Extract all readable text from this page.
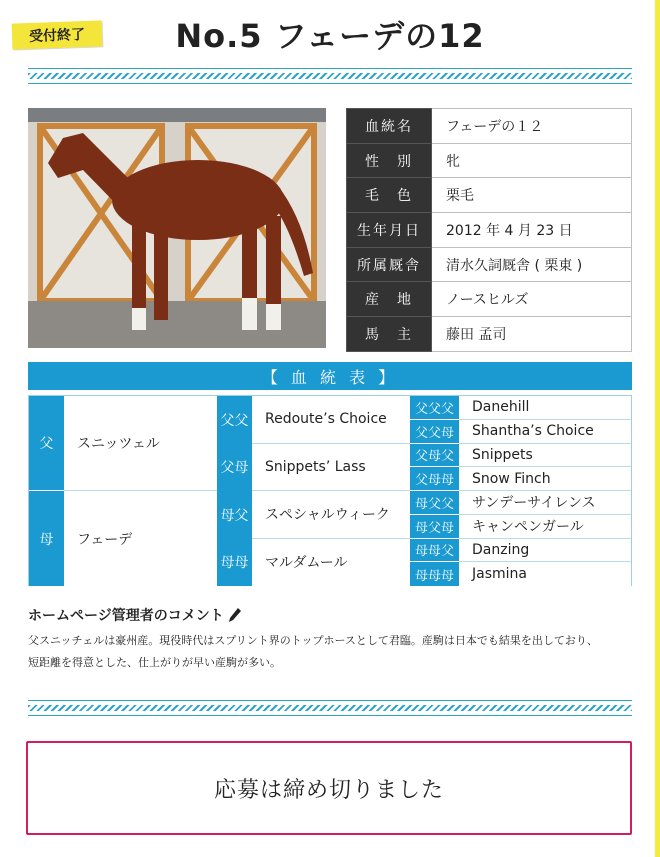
受付終了	No.5 フェーデの12
血統名	フェーデの１２
性　別	牝
毛　色	栗毛
生年月日	2012 年 4 月 23 日
所属厩舎	清水久詞厩舎 ( 栗東 )
産　地	ノースヒルズ
馬　主	藤田 孟司
【 血 統 表 】
父	スニッツェル
母	フェーデ
父父	Redoute’s Choice
父母	Snippets’ Lass
母父	スペシャルウィーク
母母	マルダムール
父父父	Danehill
父父母	Shantha’s Choice
父母父	Snippets
父母母	Snow Finch
母父父	サンデーサイレンス
母父母	キャンペンガール
母母父	Danzing
母母母	Jasmina
ホームページ管理者のコメント
父スニッチェルは豪州産。現役時代はスプリント界のトップホースとして君臨。産駒は日本でも結果を出しており、
短距離を得意とした、仕上がりが早い産駒が多い。
応募は締め切りました
